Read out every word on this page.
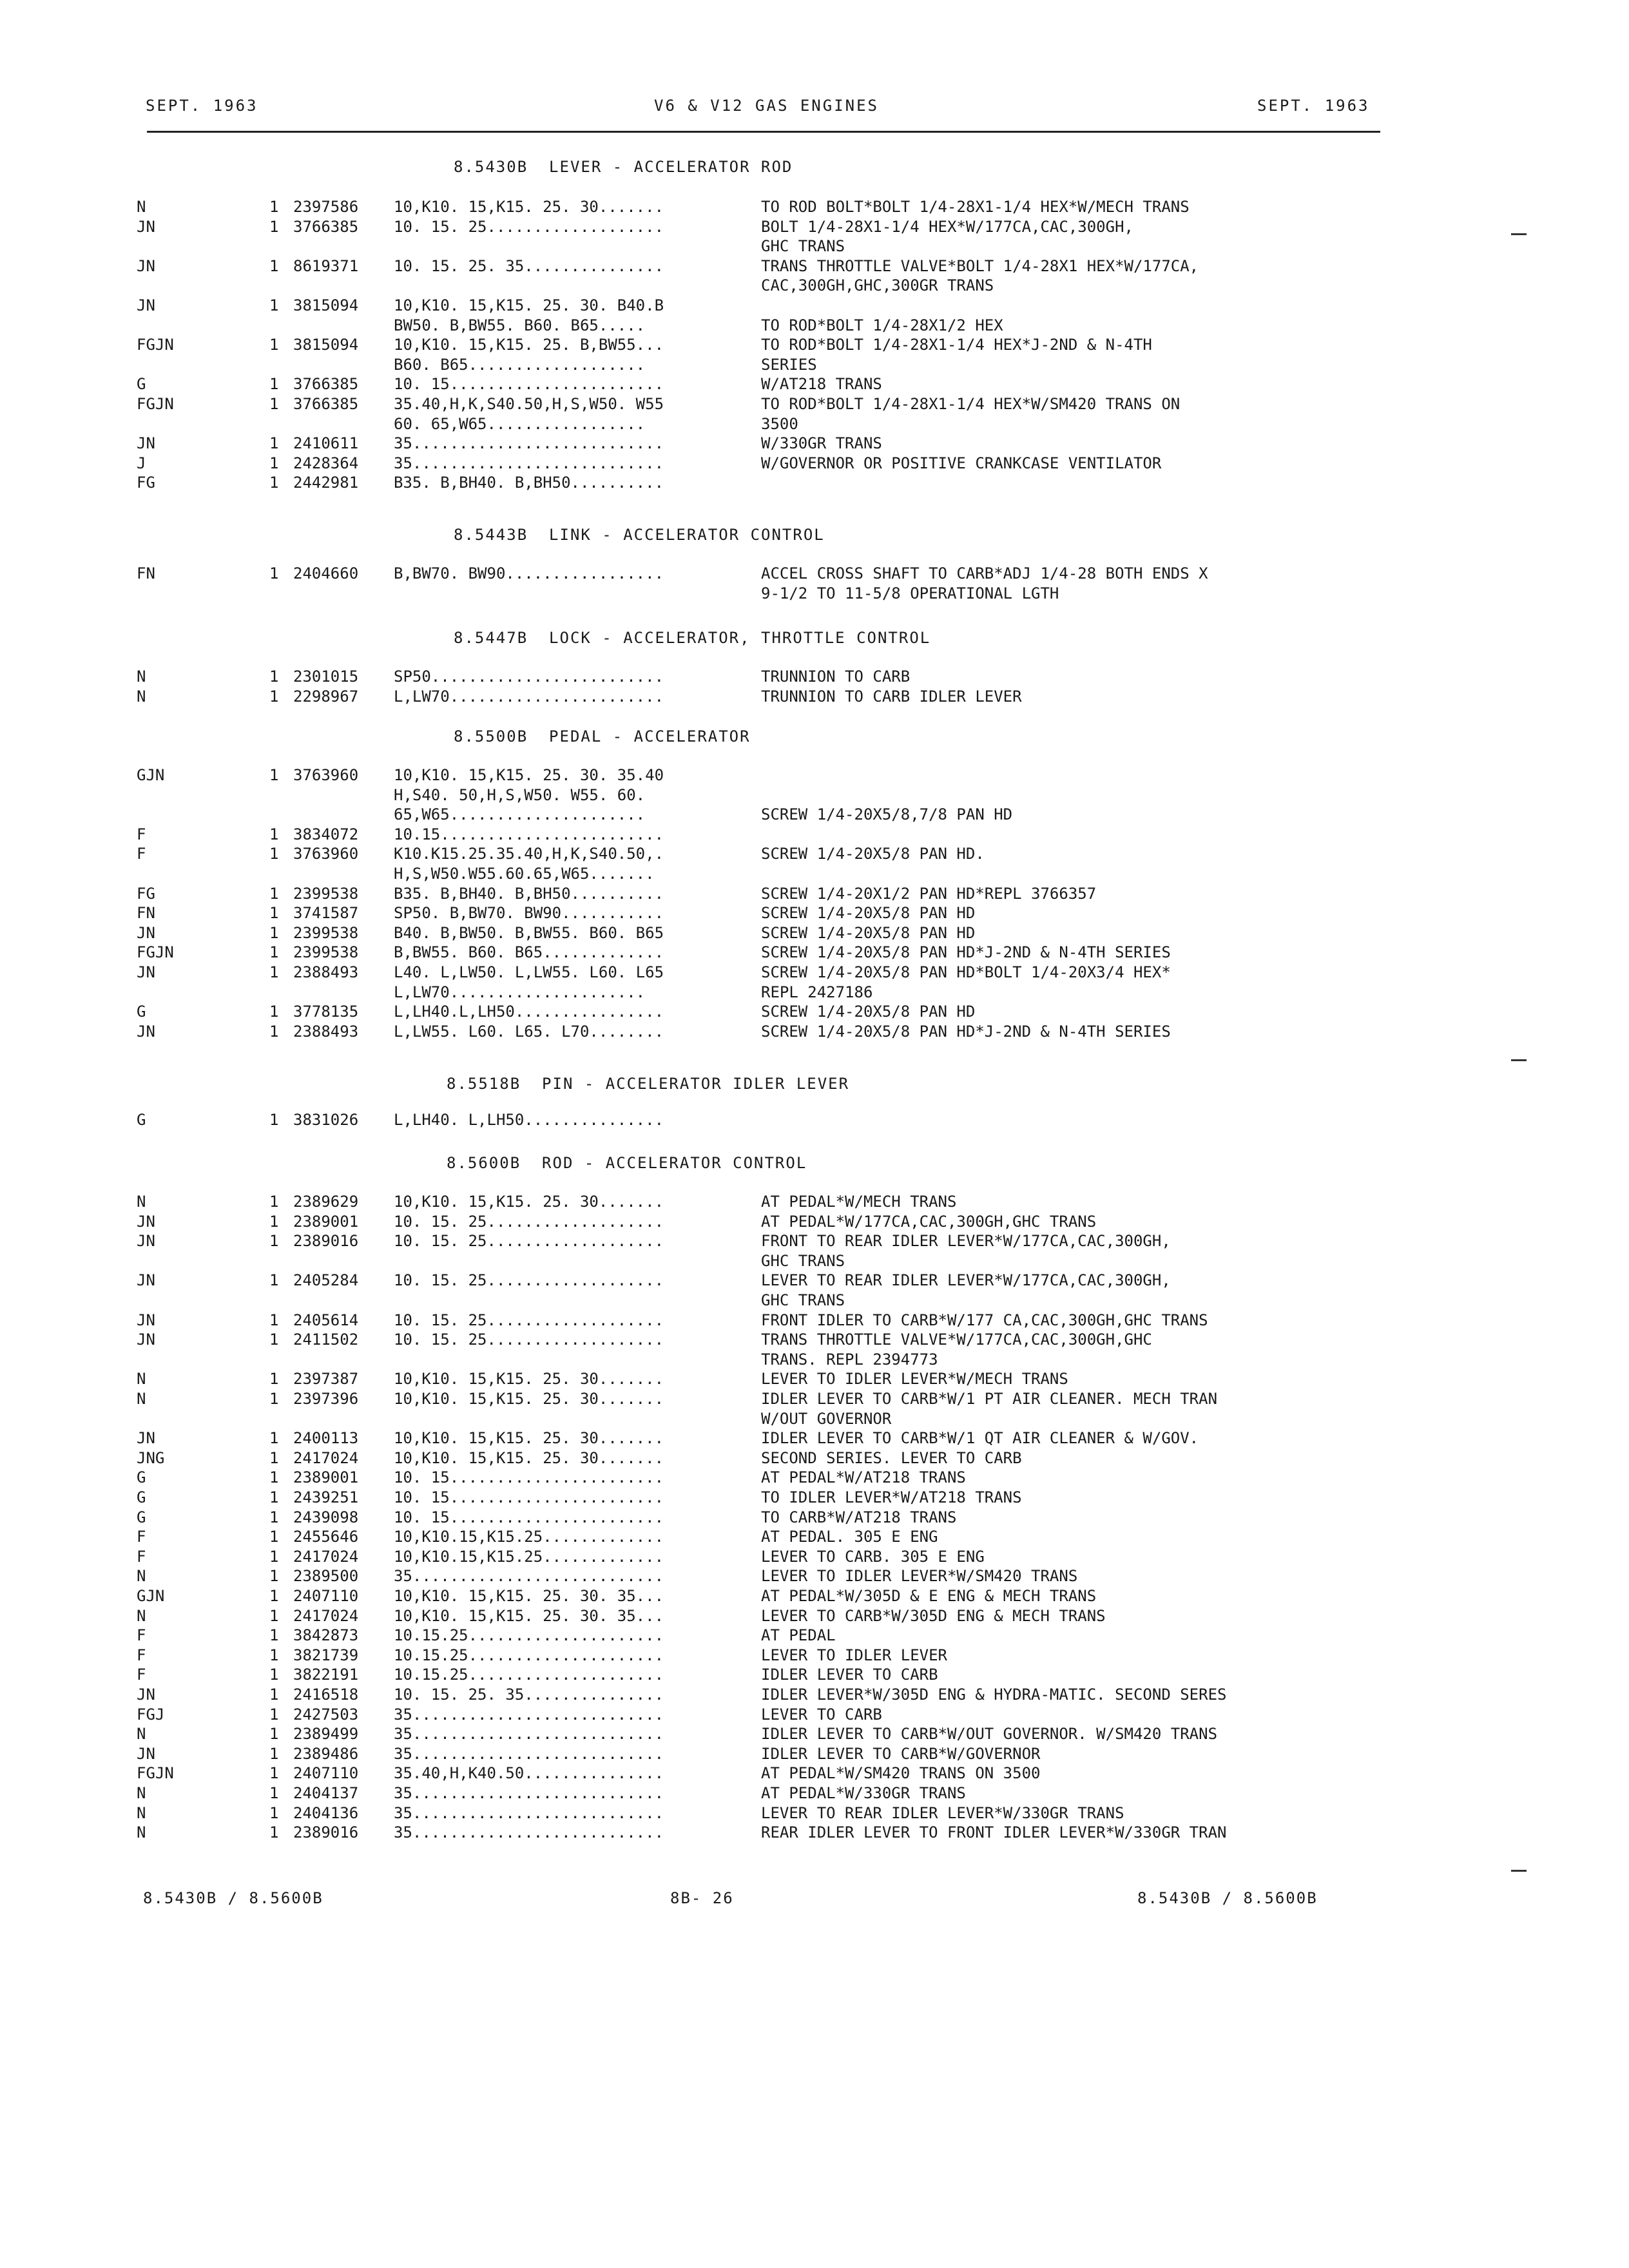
SEPT. 1963	V6 & V12 GAS ENGINES	SEPT. 1963
8.5430B  LEVER - ACCELERATOR ROD
N	1 2397586 10,K10. 15,K15. 25. 30.......	TO ROD BOLT*BOLT 1/4-28X1-1/4 HEX*W/MECH TRANS
JN	1 3766385 10. 15. 25...................	BOLT 1/4-28X1-1/4 HEX*W/177CA,CAC,300GH,
GHC TRANS
JN	1 8619371 10. 15. 25. 35...............	TRANS THROTTLE VALVE*BOLT 1/4-28X1 HEX*W/177CA,
CAC,300GH,GHC,300GR TRANS
JN	1 3815094 10,K10. 15,K15. 25. 30. B40.B
BW50. B,BW55. B60. B65.....	TO ROD*BOLT 1/4-28X1/2 HEX
FGJN	1 3815094 10,K10. 15,K15. 25. B,BW55...	TO ROD*BOLT 1/4-28X1-1/4 HEX*J-2ND & N-4TH
B60. B65...................	SERIES
G	1 3766385 10. 15.......................	W/AT218 TRANS
FGJN	1 3766385 35.40,H,K,S40.50,H,S,W50. W55	TO ROD*BOLT 1/4-28X1-1/4 HEX*W/SM420 TRANS ON
60. 65,W65.................	3500
JN	1 2410611 35...........................	W/330GR TRANS
J	1 2428364 35...........................	W/GOVERNOR OR POSITIVE CRANKCASE VENTILATOR
FG	1 2442981 B35. B,BH40. B,BH50..........
8.5443B  LINK - ACCELERATOR CONTROL
FN	1 2404660 B,BW70. BW90.................	ACCEL CROSS SHAFT TO CARB*ADJ 1/4-28 BOTH ENDS X
9-1/2 TO 11-5/8 OPERATIONAL LGTH
8.5447B  LOCK - ACCELERATOR, THROTTLE CONTROL
N	1 2301015 SP50.........................	TRUNNION TO CARB
N	1 2298967 L,LW70.......................	TRUNNION TO CARB IDLER LEVER
8.5500B  PEDAL - ACCELERATOR
GJN	1 3763960 10,K10. 15,K15. 25. 30. 35.40
H,S40. 50,H,S,W50. W55. 60.
65,W65.....................	SCREW 1/4-20X5/8,7/8 PAN HD
F	1 3834072 10.15........................
F	1 3763960 K10.K15.25.35.40,H,K,S40.50,.	SCREW 1/4-20X5/8 PAN HD.
H,S,W50.W55.60.65,W65.......
FG	1 2399538 B35. B,BH40. B,BH50..........	SCREW 1/4-20X1/2 PAN HD*REPL 3766357
FN	1 3741587 SP50. B,BW70. BW90...........	SCREW 1/4-20X5/8 PAN HD
JN	1 2399538 B40. B,BW50. B,BW55. B60. B65	SCREW 1/4-20X5/8 PAN HD
FGJN	1 2399538 B,BW55. B60. B65.............	SCREW 1/4-20X5/8 PAN HD*J-2ND & N-4TH SERIES
JN	1 2388493 L40. L,LW50. L,LW55. L60. L65	SCREW 1/4-20X5/8 PAN HD*BOLT 1/4-20X3/4 HEX*
L,LW70.....................	REPL 2427186
G	1 3778135 L,LH40.L,LH50................	SCREW 1/4-20X5/8 PAN HD
JN	1 2388493 L,LW55. L60. L65. L70........	SCREW 1/4-20X5/8 PAN HD*J-2ND & N-4TH SERIES
8.5518B  PIN - ACCELERATOR IDLER LEVER
G	1 3831026 L,LH40. L,LH50...............
8.5600B  ROD - ACCELERATOR CONTROL
N	1 2389629 10,K10. 15,K15. 25. 30.......	AT PEDAL*W/MECH TRANS
JN	1 2389001 10. 15. 25...................	AT PEDAL*W/177CA,CAC,300GH,GHC TRANS
JN	1 2389016 10. 15. 25...................	FRONT TO REAR IDLER LEVER*W/177CA,CAC,300GH,
GHC TRANS
JN	1 2405284 10. 15. 25...................	LEVER TO REAR IDLER LEVER*W/177CA,CAC,300GH,
GHC TRANS
JN	1 2405614 10. 15. 25...................	FRONT IDLER TO CARB*W/177 CA,CAC,300GH,GHC TRANS
JN	1 2411502 10. 15. 25...................	TRANS THROTTLE VALVE*W/177CA,CAC,300GH,GHC
TRANS. REPL 2394773
N	1 2397387 10,K10. 15,K15. 25. 30.......	LEVER TO IDLER LEVER*W/MECH TRANS
N	1 2397396 10,K10. 15,K15. 25. 30.......	IDLER LEVER TO CARB*W/1 PT AIR CLEANER. MECH TRAN
W/OUT GOVERNOR
JN	1 2400113 10,K10. 15,K15. 25. 30.......	IDLER LEVER TO CARB*W/1 QT AIR CLEANER & W/GOV.
JNG	1 2417024 10,K10. 15,K15. 25. 30.......	SECOND SERIES. LEVER TO CARB
G	1 2389001 10. 15.......................	AT PEDAL*W/AT218 TRANS
G	1 2439251 10. 15.......................	TO IDLER LEVER*W/AT218 TRANS
G	1 2439098 10. 15.......................	TO CARB*W/AT218 TRANS
F	1 2455646 10,K10.15,K15.25.............	AT PEDAL. 305 E ENG
F	1 2417024 10,K10.15,K15.25.............	LEVER TO CARB. 305 E ENG
N	1 2389500 35...........................	LEVER TO IDLER LEVER*W/SM420 TRANS
GJN	1 2407110 10,K10. 15,K15. 25. 30. 35...	AT PEDAL*W/305D & E ENG & MECH TRANS
N	1 2417024 10,K10. 15,K15. 25. 30. 35...	LEVER TO CARB*W/305D ENG & MECH TRANS
F	1 3842873 10.15.25.....................	AT PEDAL
F	1 3821739 10.15.25.....................	LEVER TO IDLER LEVER
F	1 3822191 10.15.25.....................	IDLER LEVER TO CARB
JN	1 2416518 10. 15. 25. 35...............	IDLER LEVER*W/305D ENG & HYDRA-MATIC. SECOND SERES
FGJ	1 2427503 35...........................	LEVER TO CARB
N	1 2389499 35...........................	IDLER LEVER TO CARB*W/OUT GOVERNOR. W/SM420 TRANS
JN	1 2389486 35...........................	IDLER LEVER TO CARB*W/GOVERNOR
FGJN	1 2407110 35.40,H,K40.50...............	AT PEDAL*W/SM420 TRANS ON 3500
N	1 2404137 35...........................	AT PEDAL*W/330GR TRANS
N	1 2404136 35...........................	LEVER TO REAR IDLER LEVER*W/330GR TRANS
N	1 2389016 35...........................	REAR IDLER LEVER TO FRONT IDLER LEVER*W/330GR TRAN
8.5430B / 8.5600B	8B- 26	8.5430B / 8.5600B
